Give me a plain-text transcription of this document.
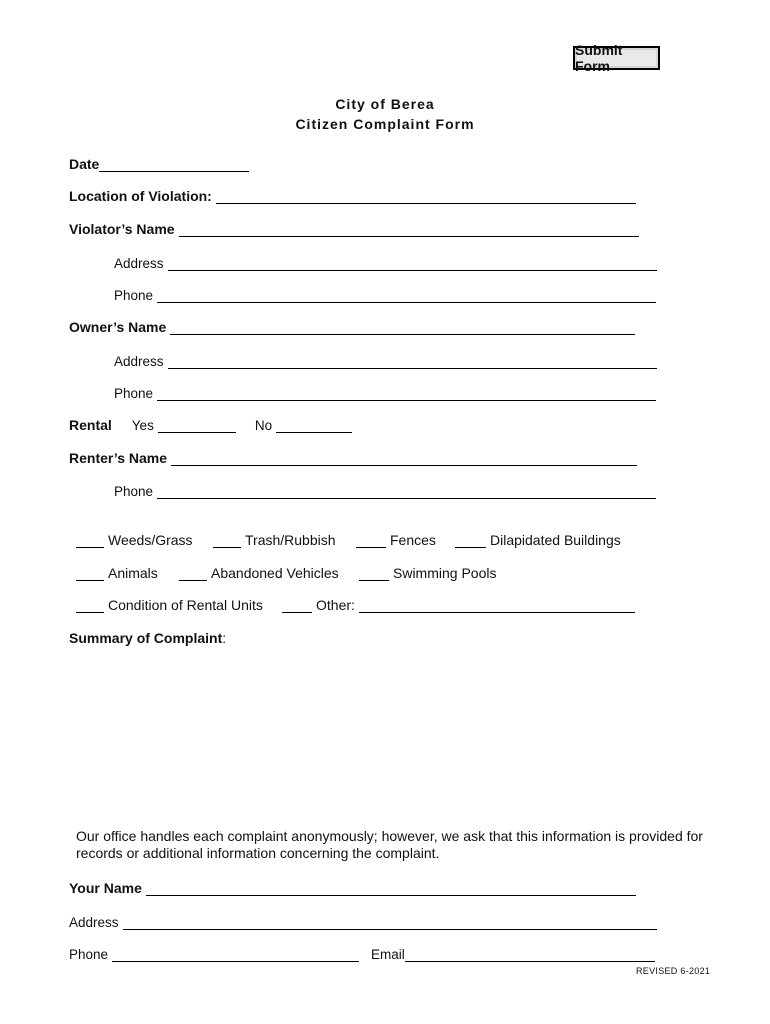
Submit Form
City of Berea
Citizen Complaint Form
Date
Location of Violation:
Violator’s Name
Address
Phone
Owner’s Name
Address
Phone
Rental	Yes	No
Renter’s Name
Phone
Weeds/Grass	Trash/Rubbish	Fences	Dilapidated Buildings
Animals	Abandoned Vehicles	Swimming Pools
Condition of Rental Units	Other:
Summary of Complaint :
Our office handles each complaint anonymously; however, we ask that this information is provided for records or additional information concerning the complaint.
Your Name
Address
Phone	Email
REVISED 6-2021
